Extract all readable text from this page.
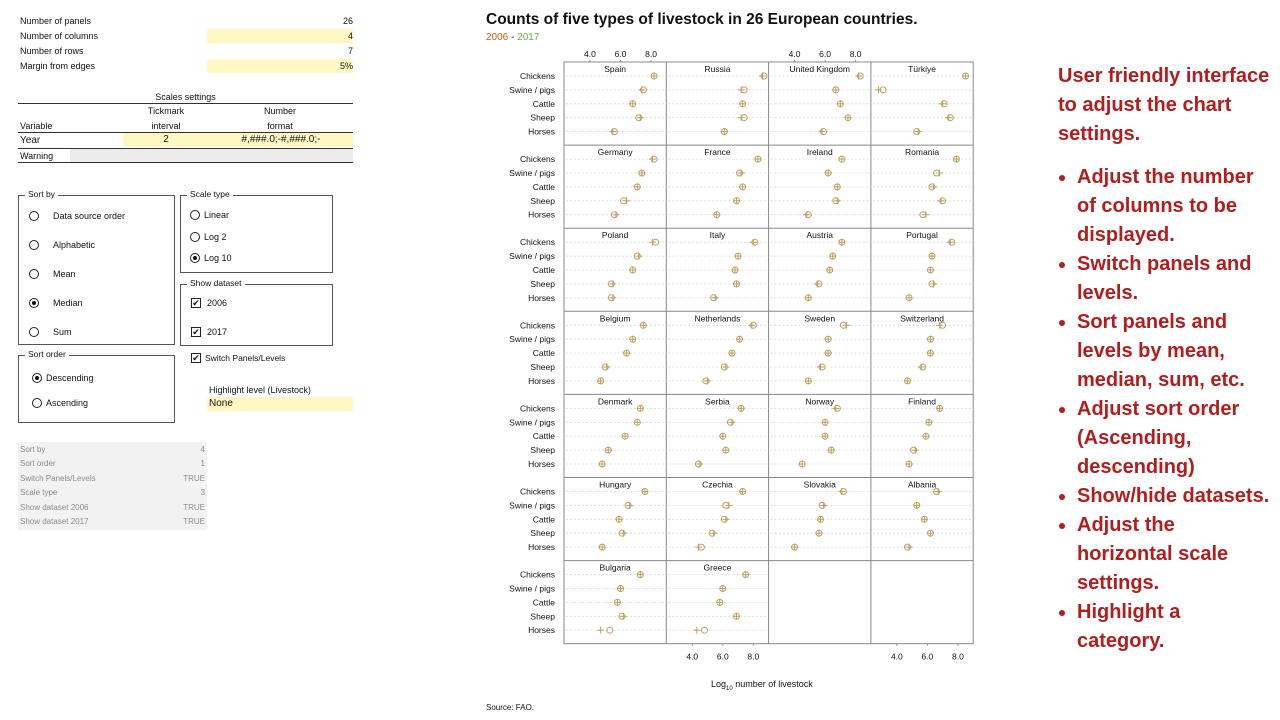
Number of panels	26
Number of columns	4
Number of rows	7
Margin from edges	5%
Scales settings
Tickmark
interval
Number
format
Variable
Year	2	#,###.0;-#,###.0;-
Warning
Sort by
Data source order
Alphabetic
Mean
Median
Sum
Scale type
Linear
Log 2
Log 10
Show dataset
✔ 2006
✔ 2017
Sort order
Descending
Ascending
✔ Switch Panels/Levels
Highlight level (Livestock)
None
Sort by	4
Sort order	1
Switch Panels/Levels	TRUE
Scale type	3
Show dataset 2006	TRUE
Show dataset 2017	TRUE
Counts of five types of livestock in 26 European countries.
2006 - 2017
Chickens
Swine / pigs
Cattle
Sheep
Horses
Chickens
Swine / pigs
Cattle
Sheep
Horses
Chickens
Swine / pigs
Cattle
Sheep
Horses
Chickens
Swine / pigs
Cattle
Sheep
Horses
Chickens
Swine / pigs
Cattle
Sheep
Horses
Chickens
Swine / pigs
Cattle
Sheep
Horses
Chickens
Swine / pigs
Cattle
Sheep
Horses
4.0 6.0 8.0	4.0 6.0 8.0
4.0 6.0 8.0	4.0 6.0 8.0
Spain	Russia	United Kingdom	Türkiye
Germany	France	Ireland	Romania
Poland	Italy	Austria	Portugal
Belgium	Netherlands	Sweden	Switzerland
Denmark	Serbia	Norway	Finland
Hungary	Czechia	Slovakia	Albania
Bulgaria	Greece
Log$_{10}$ number of livestock
Source: FAO.
User friendly interface to adjust the chart settings.
• Adjust the number of columns to be displayed.
• Switch panels and levels.
• Sort panels and levels by mean, median, sum, etc.
• Adjust sort order (Ascending, descending)
• Show/hide datasets.
• Adjust the horizontal scale settings.
• Highlight a category.
